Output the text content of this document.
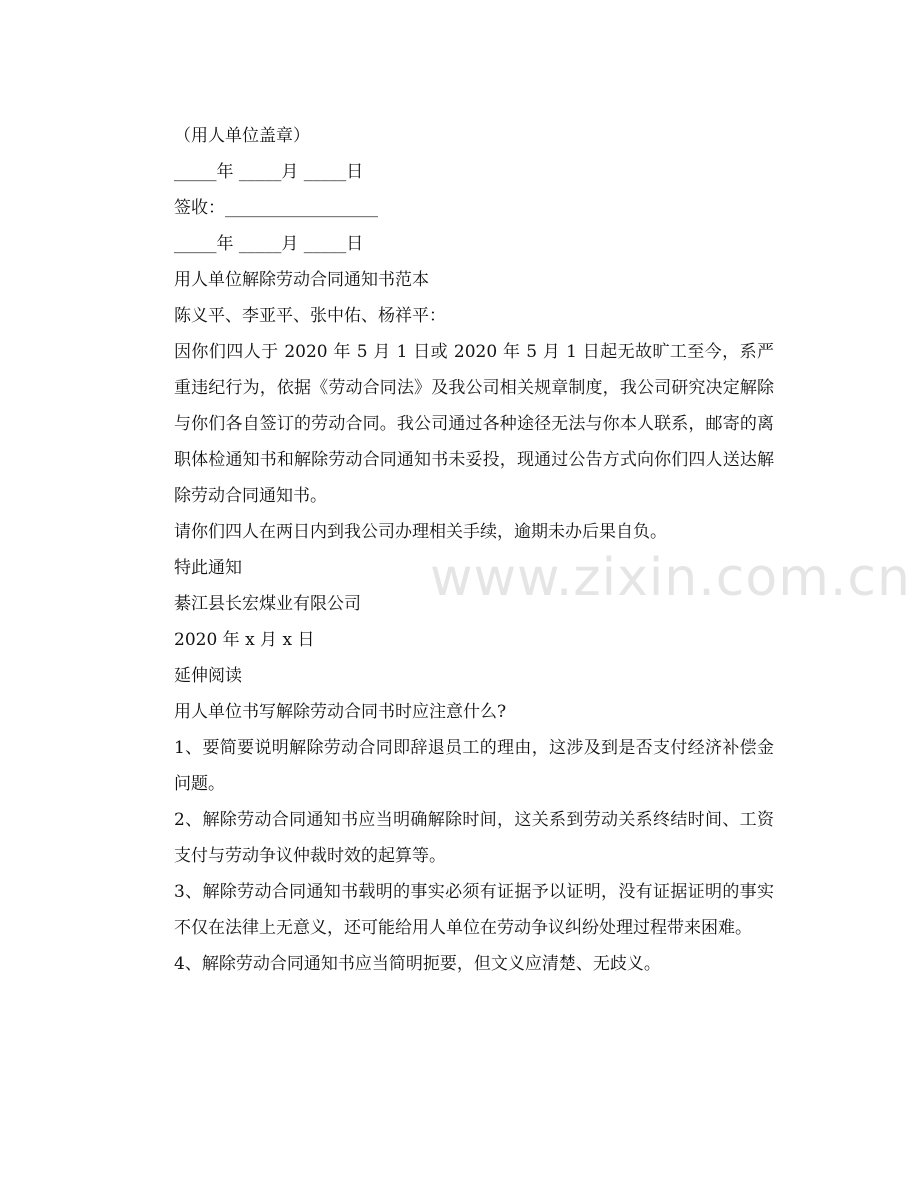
（用人单位盖章）

_____年 _____月 _____日

签收：__________________

_____年 _____月 _____日

用人单位解除劳动合同通知书范本

陈义平、李亚平、张中佑、杨祥平：

因你们四人于 2020 年 5 月 1 日或 2020 年 5 月 1 日起无故旷工至今，系严重违纪行为，依据《劳动合同法》及我公司相关规章制度，我公司研究决定解除与你们各自签订的劳动合同。我公司通过各种途径无法与你本人联系，邮寄的离职体检通知书和解除劳动合同通知书未妥投，现通过公告方式向你们四人送达解除劳动合同通知书。

请你们四人在两日内到我公司办理相关手续，逾期未办后果自负。

特此通知

綦江县长宏煤业有限公司

2020 年 x 月 x 日

延伸阅读

用人单位书写解除劳动合同书时应注意什么?

1、要简要说明解除劳动合同即辞退员工的理由，这涉及到是否支付经济补偿金问题。

2、解除劳动合同通知书应当明确解除时间，这关系到劳动关系终结时间、工资支付与劳动争议仲裁时效的起算等。

3、解除劳动合同通知书载明的事实必须有证据予以证明，没有证据证明的事实不仅在法律上无意义，还可能给用人单位在劳动争议纠纷处理过程带来困难。

4、解除劳动合同通知书应当简明扼要，但文义应清楚、无歧义。

www.zixin.com.cn
